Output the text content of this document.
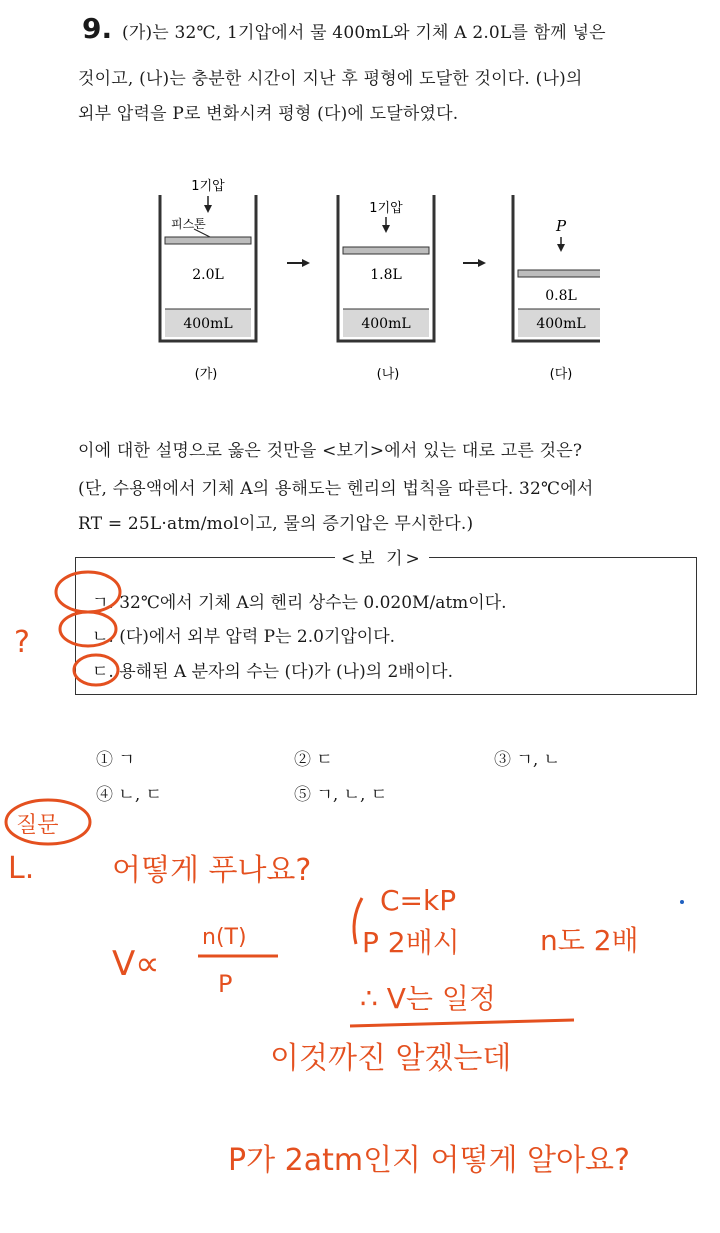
9. (가)는 32℃, 1기압에서 물 400mL와 기체 A 2.0L를 함께 넣은
것이고, (나)는 충분한 시간이 지난 후 평형에 도달한 것이다. (나)의
외부 압력을 P로 변화시켜 평형 (다)에 도달하였다.
1기압
피스톤
2.0L
400mL
(가)
1기압
1.8L
400mL
(나)
P
0.8L
400mL
(다)
이에 대한 설명으로 옳은 것만을 <보기>에서 있는 대로 고른 것은?
(단, 수용액에서 기체 A의 용해도는 헨리의 법칙을 따른다. 32℃에서
RT = 25L·atm/mol이고, 물의 증기압은 무시한다.)
<보 기>
ㄱ. 32℃에서 기체 A의 헨리 상수는 0.020M/atm이다.
ㄴ. (다)에서 외부 압력 P는 2.0기압이다.
ㄷ. 용해된 A 분자의 수는 (다)가 (나)의 2배이다.
① ㄱ	② ㄷ	③ ㄱ, ㄴ
④ ㄴ, ㄷ	⑤ ㄱ, ㄴ, ㄷ
?
질문
L.	어떻게 푸나요?
V∝
n(T)
P
C=kP
P 2배시	n도 2배
∴ V는 일정
이것까진 알겠는데
P가 2atm인지 어떻게 알아요?
